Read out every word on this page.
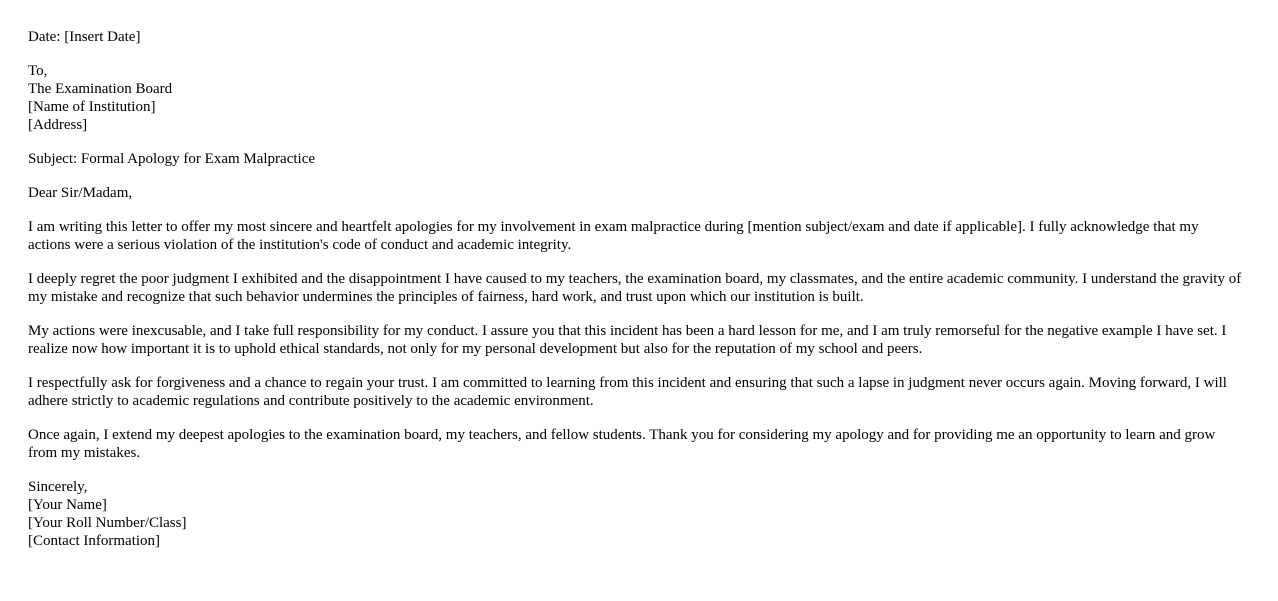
Date: [Insert Date]

To,
The Examination Board
[Name of Institution]
[Address]

Subject: Formal Apology for Exam Malpractice

Dear Sir/Madam,

I am writing this letter to offer my most sincere and heartfelt apologies for my involvement in exam malpractice during [mention subject/exam and date if applicable]. I fully acknowledge that my actions were a serious violation of the institution's code of conduct and academic integrity.

I deeply regret the poor judgment I exhibited and the disappointment I have caused to my teachers, the examination board, my classmates, and the entire academic community. I understand the gravity of my mistake and recognize that such behavior undermines the principles of fairness, hard work, and trust upon which our institution is built.

My actions were inexcusable, and I take full responsibility for my conduct. I assure you that this incident has been a hard lesson for me, and I am truly remorseful for the negative example I have set. I realize now how important it is to uphold ethical standards, not only for my personal development but also for the reputation of my school and peers.

I respectfully ask for forgiveness and a chance to regain your trust. I am committed to learning from this incident and ensuring that such a lapse in judgment never occurs again. Moving forward, I will adhere strictly to academic regulations and contribute positively to the academic environment.

Once again, I extend my deepest apologies to the examination board, my teachers, and fellow students. Thank you for considering my apology and for providing me an opportunity to learn and grow from my mistakes.

Sincerely,
[Your Name]
[Your Roll Number/Class]
[Contact Information]
